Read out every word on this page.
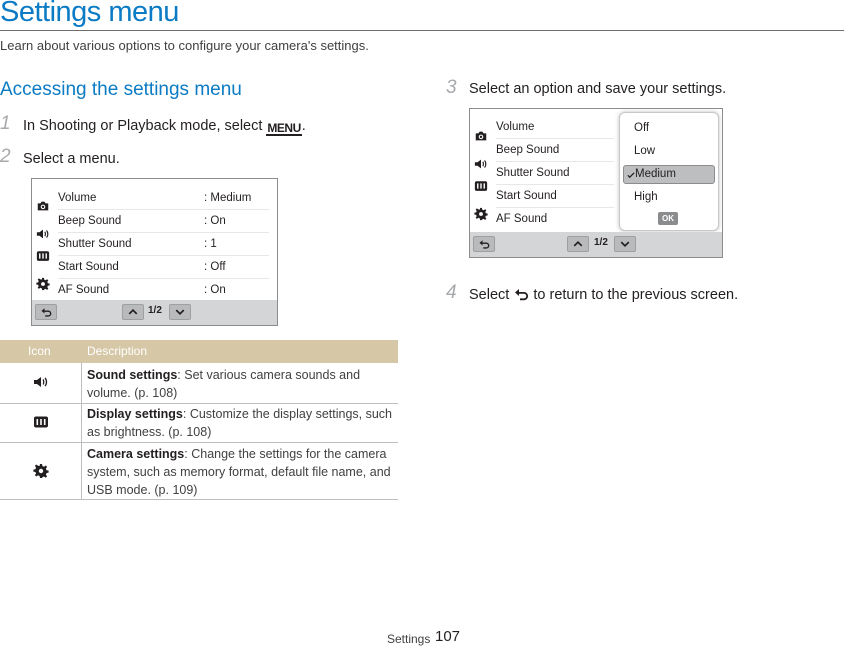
Settings menu
Learn about various options to configure your camera's settings.
Accessing the settings menu
1 In Shooting or Playback mode, select MENU.
2 Select a menu.
Volume	: Medium
Beep Sound	: On
Shutter Sound	: 1
Start Sound	: Off
AF Sound	: On
1/2
Icon	Description
Sound settings: Set various camera sounds and volume. (p. 108)
Display settings: Customize the display settings, such as brightness. (p. 108)
Camera settings: Change the settings for the camera system, such as memory format, default file name, and USB mode. (p. 109)
3 Select an option and save your settings.
Volume
Beep Sound
Shutter Sound
Start Sound
AF Sound
Off
Low
Medium
High
OK
1/2
4 Select to return to the previous screen.
Settings 107
